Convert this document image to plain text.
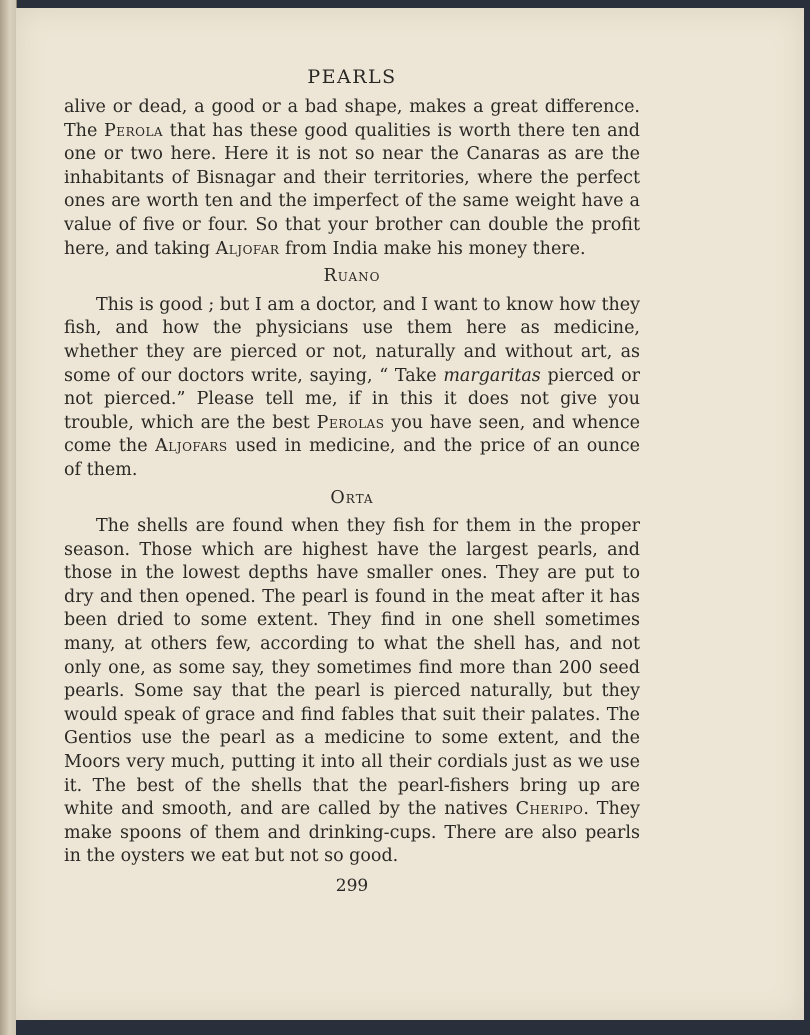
PEARLS

alive or dead, a good or a bad shape, makes a great difference. The Perola that has these good qualities is worth there ten and one or two here. Here it is not so near the Canaras as are the inhabitants of Bisnagar and their territories, where the perfect ones are worth ten and the imperfect of the same weight have a value of five or four. So that your brother can double the profit here, and taking Aljofar from India make his money there.

Ruano

This is good ; but I am a doctor, and I want to know how they fish, and how the physicians use them here as medicine, whether they are pierced or not, naturally and without art, as some of our doctors write, saying, “ Take margaritas pierced or not pierced.” Please tell me, if in this it does not give you trouble, which are the best Perolas you have seen, and whence come the Aljofars used in medicine, and the price of an ounce of them.

Orta

The shells are found when they fish for them in the proper season. Those which are highest have the largest pearls, and those in the lowest depths have smaller ones. They are put to dry and then opened. The pearl is found in the meat after it has been dried to some extent. They find in one shell sometimes many, at others few, according to what the shell has, and not only one, as some say, they sometimes find more than 200 seed pearls. Some say that the pearl is pierced naturally, but they would speak of grace and find fables that suit their palates. The Gentios use the pearl as a medicine to some extent, and the Moors very much, putting it into all their cordials just as we use it. The best of the shells that the pearl-fishers bring up are white and smooth, and are called by the natives Cheripo. They make spoons of them and drinking-cups. There are also pearls in the oysters we eat but not so good.

299
